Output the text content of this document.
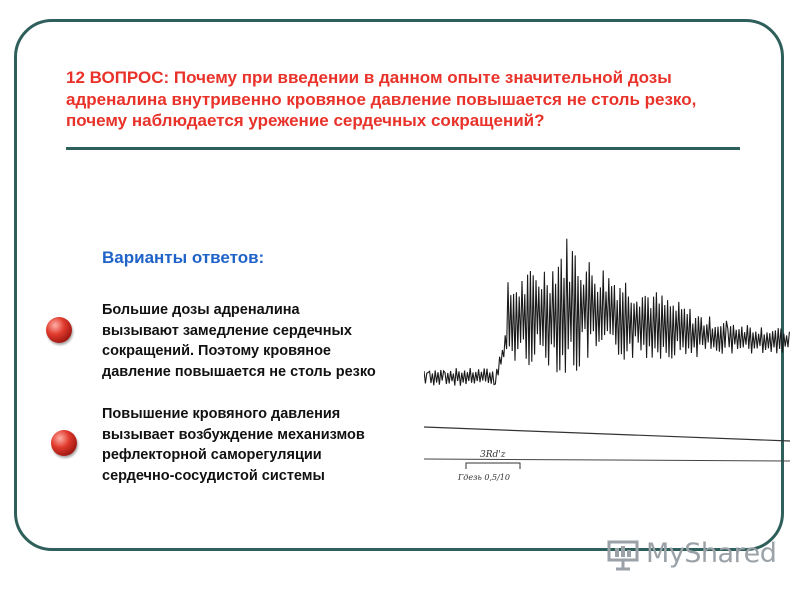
12 ВОПРОС: Почему при введении в данном опыте значительной дозы
адреналина внутривенно кровяное давление повышается не столь резко,
почему наблюдается урежение сердечных сокращений?

3Rd'z
Гдезь 0,5/10

Варианты ответов:

Большие дозы адреналина
вызывают замедление сердечных
сокращений. Поэтому кровяное
давление повышается не столь резко

Повышение кровяного давления
вызывает возбуждение механизмов
рефлекторной саморегуляции
сердечно-сосудистой системы

MyShared
